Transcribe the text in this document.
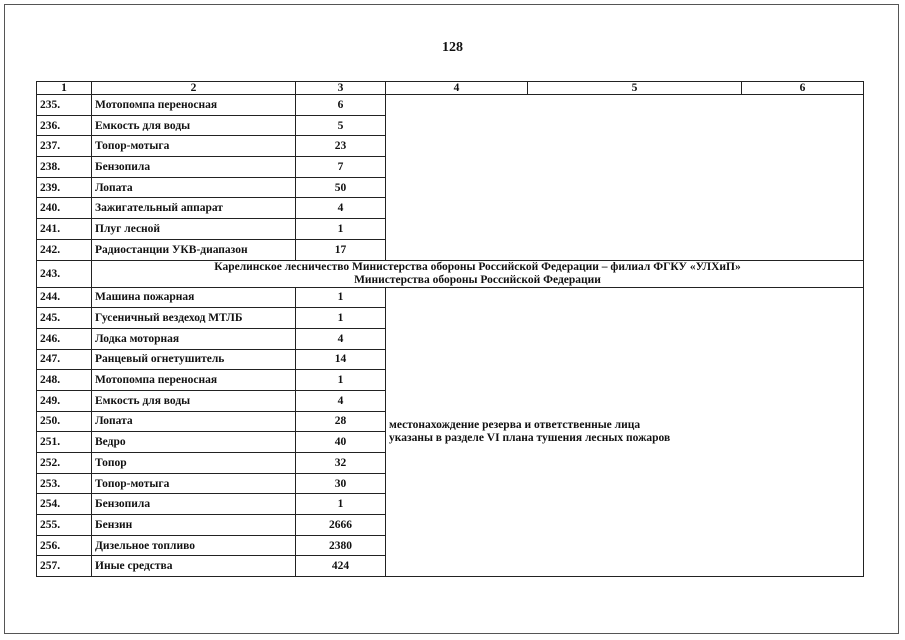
128
1	2	3	4	5	6
235.	Мотопомпа переносная	6			
236.	Емкость для воды	5			
237.	Топор-мотыга	23			
238.	Бензопила	7			
239.	Лопата	50			
240.	Зажигательный аппарат	4			
241.	Плуг лесной	1			
242.	Радиостанции УКВ-диапазон	17			
243.	Карелинское лесничество Министерства обороны Российской Федерации – филиал ФГКУ «УЛХиП»
Министерства обороны Российской Федерации				

244.	Машина пожарная	1	местонахождение резерва и ответственные лица
указаны в разделе VI плана тушения лесных пожаров		

245.	Гусеничный вездеход МТЛБ	1			
246.	Лодка моторная	4			
247.	Ранцевый огнетушитель	14			
248.	Мотопомпа переносная	1			
249.	Емкость для воды	4			
250.	Лопата	28			
251.	Ведро	40			
252.	Топор	32			
253.	Топор-мотыга	30			
254.	Бензопила	1			
255.	Бензин	2666			
256.	Дизельное топливо	2380			
257.	Иные средства	424			
